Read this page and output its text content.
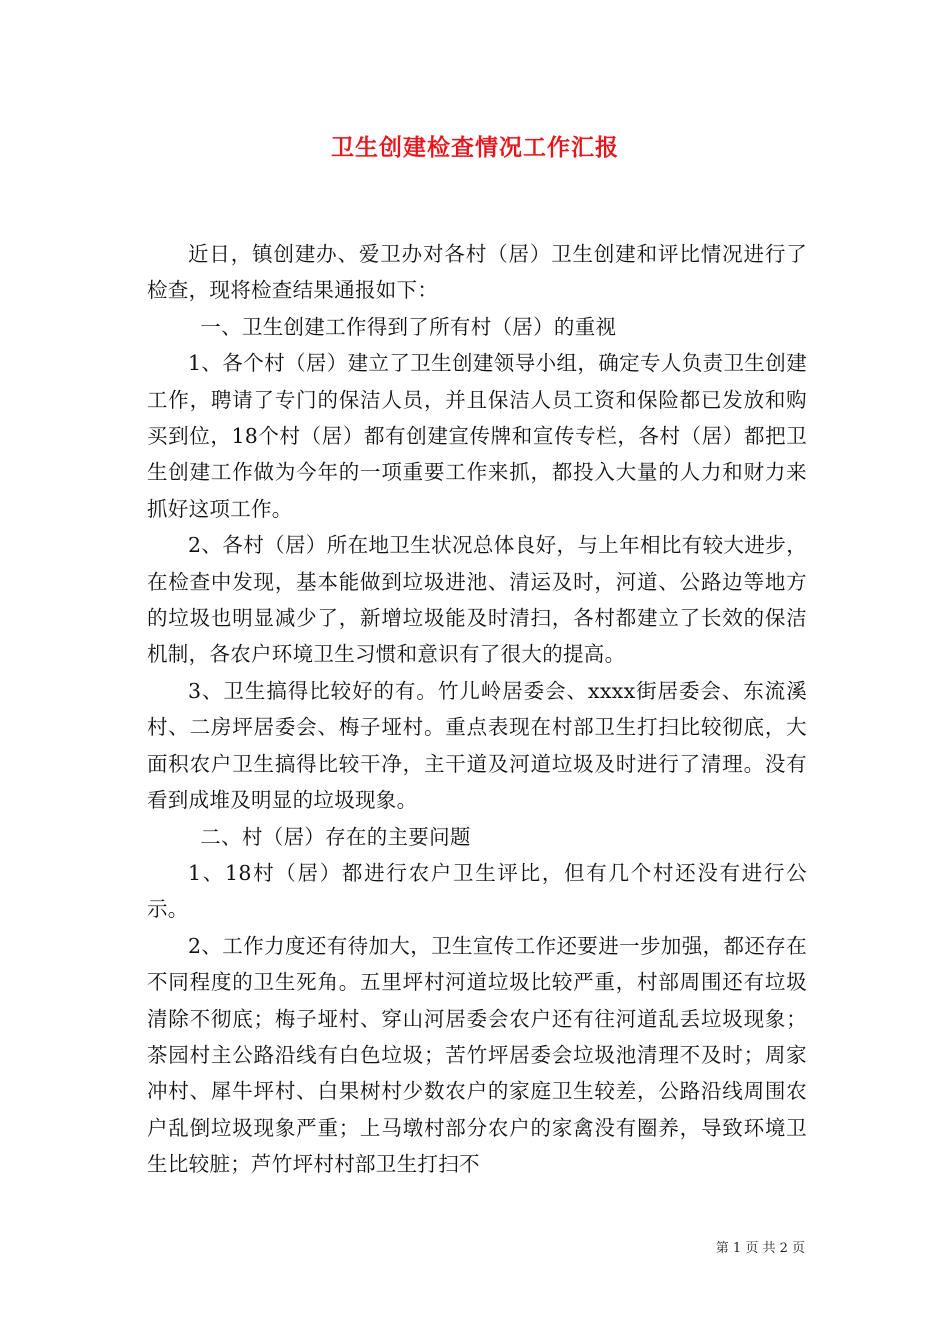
卫生创建检查情况工作汇报

近日，镇创建办、爱卫办对各村（居）卫生创建和评比情况进行了检查，现将检查结果通报如下：

一、卫生创建工作得到了所有村（居）的重视

1、各个村（居）建立了卫生创建领导小组，确定专人负责卫生创建工作，聘请了专门的保洁人员，并且保洁人员工资和保险都已发放和购买到位，18个村（居）都有创建宣传牌和宣传专栏，各村（居）都把卫生创建工作做为今年的一项重要工作来抓，都投入大量的人力和财力来抓好这项工作。

2、各村（居）所在地卫生状况总体良好，与上年相比有较大进步，在检查中发现，基本能做到垃圾进池、清运及时，河道、公路边等地方的垃圾也明显减少了，新增垃圾能及时清扫，各村都建立了长效的保洁机制，各农户环境卫生习惯和意识有了很大的提高。

3、卫生搞得比较好的有。竹儿岭居委会、xxxx街居委会、东流溪村、二房坪居委会、梅子垭村。重点表现在村部卫生打扫比较彻底，大面积农户卫生搞得比较干净，主干道及河道垃圾及时进行了清理。没有看到成堆及明显的垃圾现象。

二、村（居）存在的主要问题

1、18村（居）都进行农户卫生评比，但有几个村还没有进行公示。

2、工作力度还有待加大，卫生宣传工作还要进一步加强，都还存在不同程度的卫生死角。五里坪村河道垃圾比较严重，村部周围还有垃圾清除不彻底；梅子垭村、穿山河居委会农户还有往河道乱丢垃圾现象；茶园村主公路沿线有白色垃圾；苦竹坪居委会垃圾池清理不及时；周家冲村、犀牛坪村、白果树村少数农户的家庭卫生较差，公路沿线周围农户乱倒垃圾现象严重；上马墩村部分农户的家禽没有圈养，导致环境卫生比较脏；芦竹坪村村部卫生打扫不

第 1 页 共 2 页
